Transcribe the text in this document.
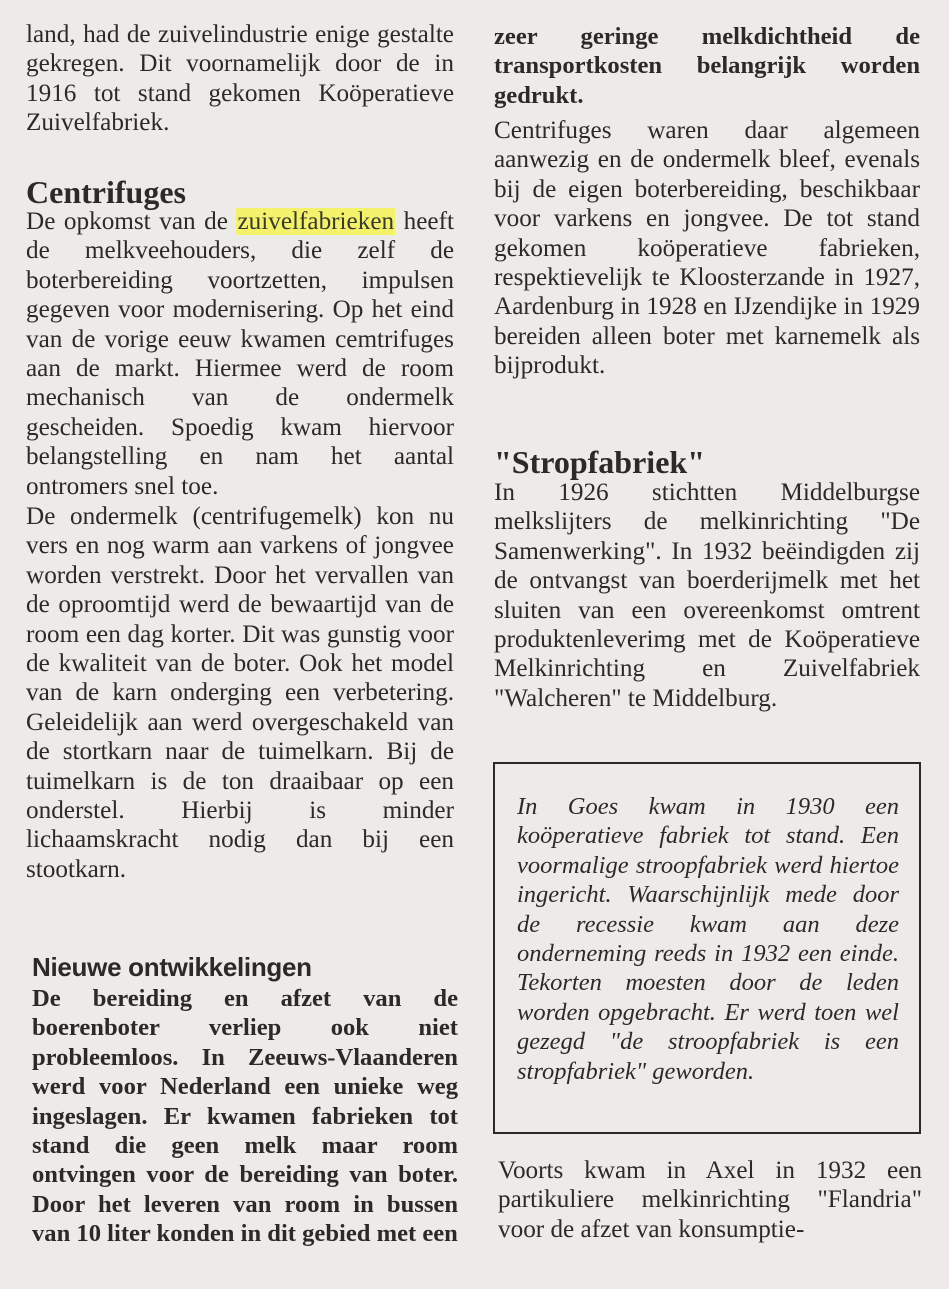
land, had de zuivelindustrie enige gestalte gekregen. Dit voornamelijk door de in 1916 tot stand gekomen Koöperatieve Zuivelfabriek.

Centrifuges

De opkomst van de zuivelfabrieken heeft de melkveehouders, die zelf de boterbereiding voortzetten, impulsen gegeven voor modernisering. Op het eind van de vorige eeuw kwamen cemtrifuges aan de markt. Hiermee werd de room mechanisch van de ondermelk gescheiden. Spoedig kwam hiervoor belangstelling en nam het aantal ontromers snel toe.

De ondermelk (centrifugemelk) kon nu vers en nog warm aan varkens of jongvee worden verstrekt. Door het vervallen van de oproomtijd werd de bewaartijd van de room een dag korter. Dit was gunstig voor de kwaliteit van de boter. Ook het model van de karn onderging een verbetering. Geleidelijk aan werd overgeschakeld van de stortkarn naar de tuimelkarn. Bij de tuimelkarn is de ton draaibaar op een onderstel. Hierbij is minder lichaamskracht nodig dan bij een stootkarn.

Nieuwe ontwikkelingen

De bereiding en afzet van de boerenboter verliep ook niet probleemloos. In Zeeuws-Vlaanderen werd voor Nederland een unieke weg ingeslagen. Er kwamen fabrieken tot stand die geen melk maar room ontvingen voor de bereiding van boter. Door het leveren van room in bussen van 10 liter konden in dit gebied met een

zeer geringe melkdichtheid de transportkosten belangrijk worden gedrukt.

Centrifuges waren daar algemeen aanwezig en de ondermelk bleef, evenals bij de eigen boterbereiding, beschikbaar voor varkens en jongvee. De tot stand gekomen koöperatieve fabrieken, respektievelijk te Kloosterzande in 1927, Aardenburg in 1928 en IJzendijke in 1929 bereiden alleen boter met karnemelk als bijprodukt.

"Stropfabriek"

In 1926 stichtten Middelburgse melkslijters de melkinrichting "De Samenwerking". In 1932 beëindigden zij de ontvangst van boerderijmelk met het sluiten van een overeenkomst omtrent produktenleverimg met de Koöperatieve Melkinrichting en Zuivelfabriek "Walcheren" te Middelburg.

In Goes kwam in 1930 een koöperatieve fabriek tot stand. Een voormalige stroopfabriek werd hiertoe ingericht. Waarschijnlijk mede door de recessie kwam aan deze onderneming reeds in 1932 een einde. Tekorten moesten door de leden worden opgebracht. Er werd toen wel gezegd "de stroopfabriek is een stropfabriek" geworden.

Voorts kwam in Axel in 1932 een partikuliere melkinrichting "Flandria" voor de afzet van konsumptie-
